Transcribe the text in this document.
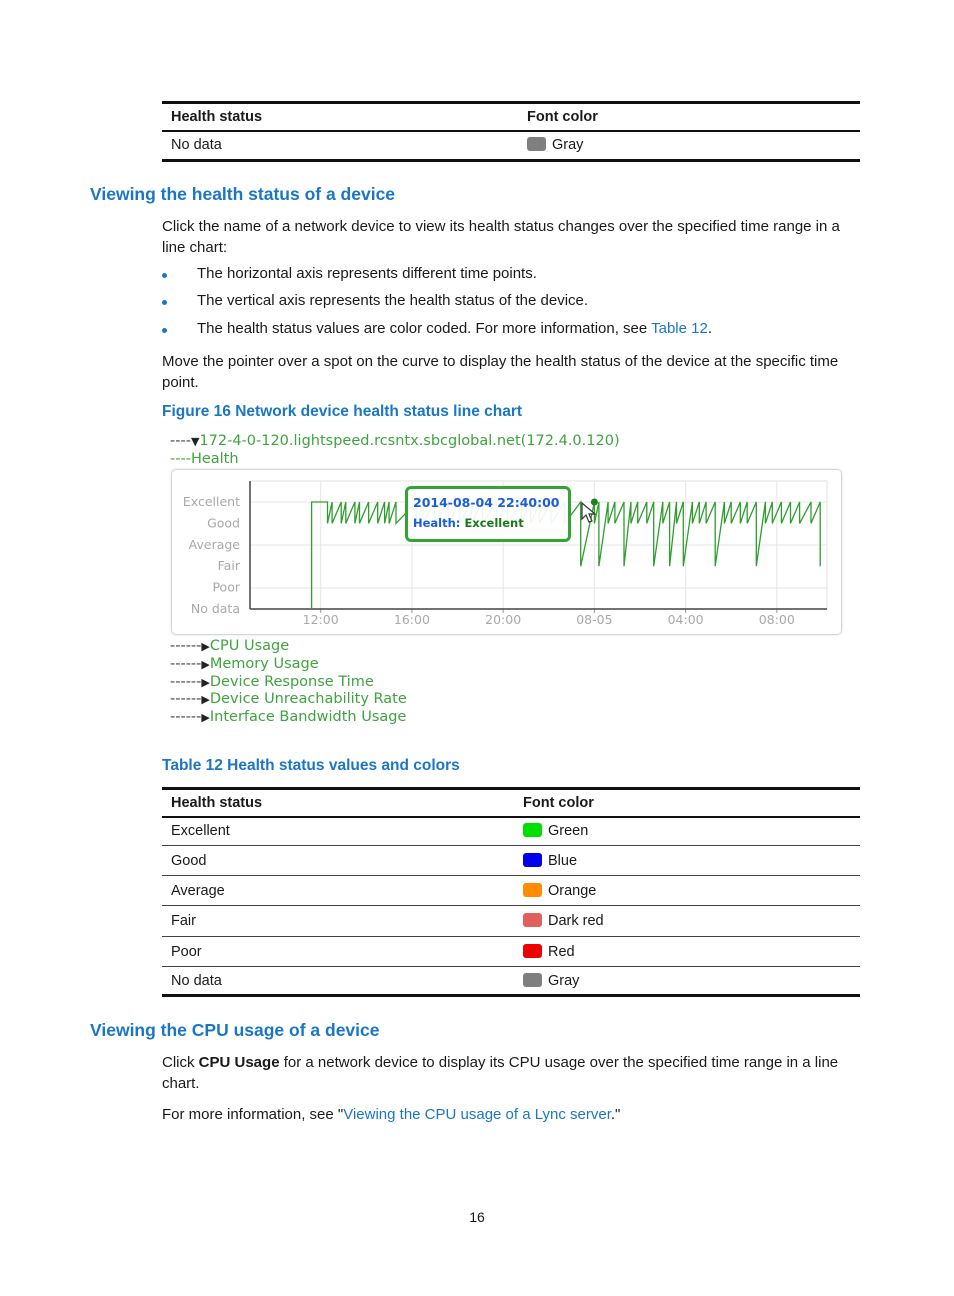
Health status	Font color
No data	Gray
Viewing the health status of a device

Click the name of a network device to view its health status changes over the specified time range in a line chart:

The horizontal axis represents different time points.
The vertical axis represents the health status of the device.
The health status values are color coded. For more information, see Table 12.

Move the pointer over a spot on the curve to display the health status of the device at the specific time point.

Figure 16 Network device health status line chart
----▼172-4-0-120.lightspeed.rcsntx.sbcglobal.net(172.4.0.120)
----Health
No data
Poor
Fair
Average
Good
Excellent
12:00	16:00	20:00	08-05	04:00	08:00
2014-08-04 22:40:00
Health: Excellent
------▶CPU Usage
------▶Memory Usage
------▶Device Response Time
------▶Device Unreachability Rate
------▶Interface Bandwidth Usage
Table 12 Health status values and colors
Health status	Font color
Excellent	Green
Good	Blue
Average	Orange
Fair	Dark red
Poor	Red
No data	Gray
Viewing the CPU usage of a device

Click CPU Usage for a network device to display its CPU usage over the specified time range in a line chart.

For more information, see "Viewing the CPU usage of a Lync server."

16
